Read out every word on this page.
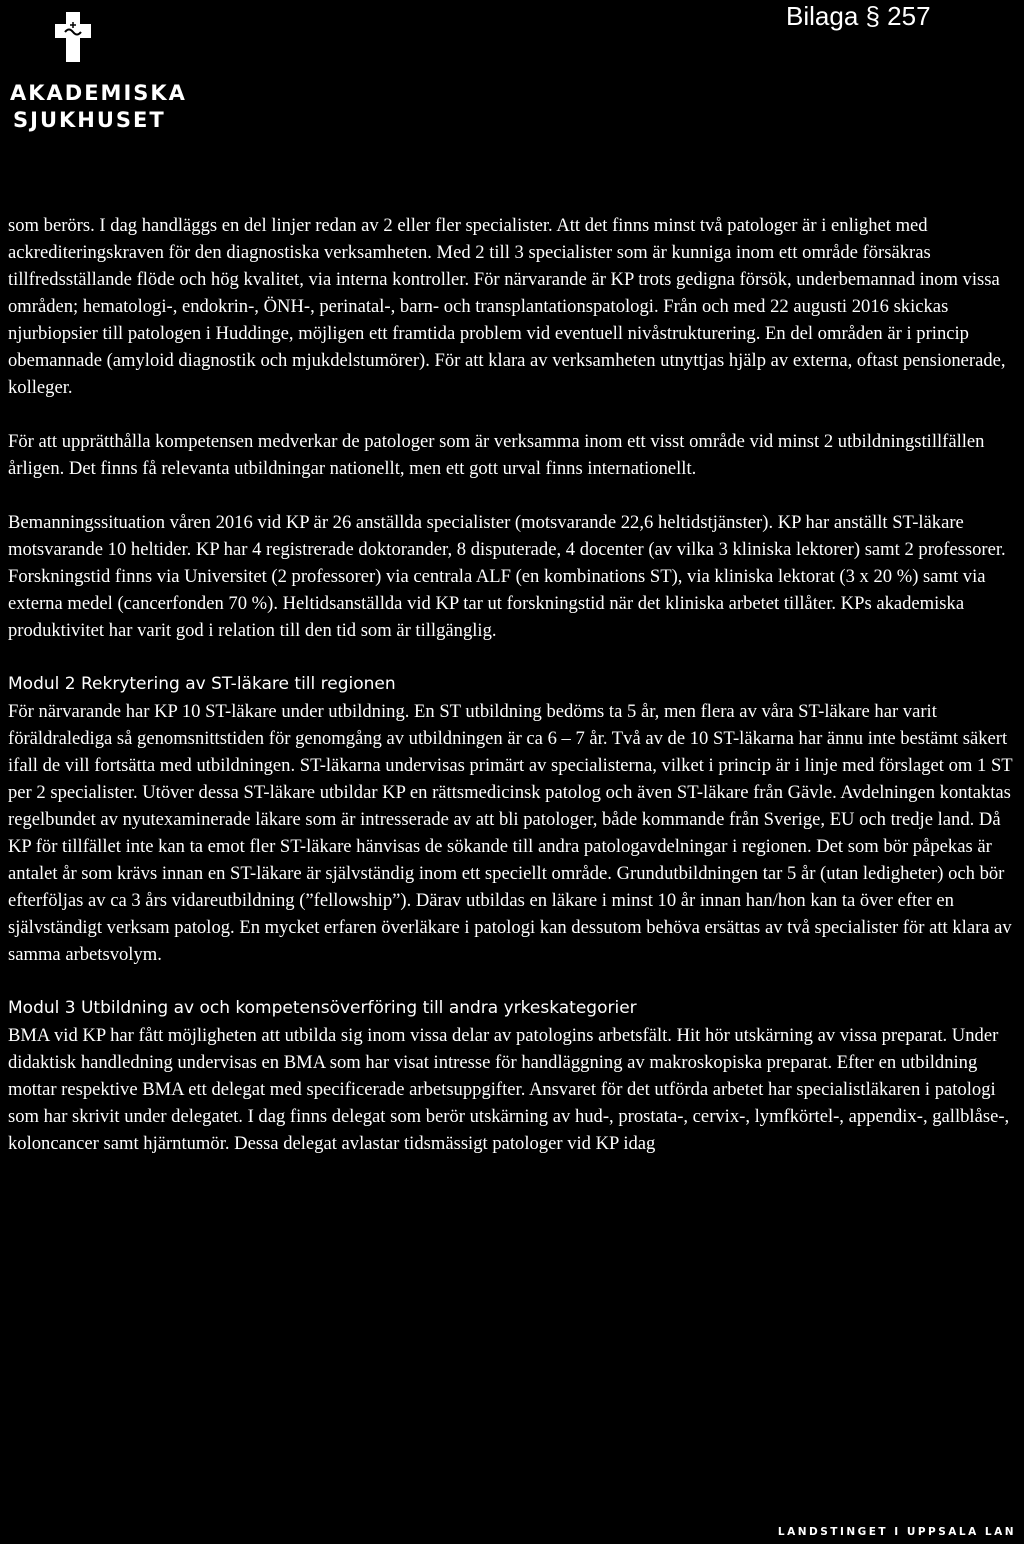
AKADEMISKA
SJUKHUSET
Bilaga § 257

som berörs. I dag handläggs en del linjer redan av 2 eller fler specialister. Att det finns minst två patologer är i enlighet med ackrediteringskraven för den diagnostiska verksamheten. Med 2 till 3 specialister som är kunniga inom ett område försäkras tillfredsställande flöde och hög kvalitet, via interna kontroller. För närvarande är KP trots gedigna försök, underbemannad inom vissa områden; hematologi-, endokrin-, ÖNH-, perinatal-, barn- och transplantationspatologi. Från och med 22 augusti 2016 skickas njurbiopsier till patologen i Huddinge, möjligen ett framtida problem vid eventuell nivåstrukturering. En del områden är i princip obemannade (amyloid diagnostik och mjukdelstumörer). För att klara av verksamheten utnyttjas hjälp av externa, oftast pensionerade, kolleger.

För att upprätthålla kompetensen medverkar de patologer som är verksamma inom ett visst område vid minst 2 utbildningstillfällen årligen. Det finns få relevanta utbildningar nationellt, men ett gott urval finns internationellt.

Bemanningssituation våren 2016 vid KP är 26 anställda specialister (motsvarande 22,6 heltidstjänster). KP har anställt ST-läkare motsvarande 10 heltider. KP har 4 registrerade doktorander, 8 disputerade, 4 docenter (av vilka 3 kliniska lektorer) samt 2 professorer. Forskningstid finns via Universitet (2 professorer) via centrala ALF (en kombinations ST), via kliniska lektorat (3 x 20 %) samt via externa medel (cancerfonden 70 %). Heltidsanställda vid KP tar ut forskningstid när det kliniska arbetet tillåter. KPs akademiska produktivitet har varit god i relation till den tid som är tillgänglig.

Modul 2 Rekrytering av ST-läkare till regionen

För närvarande har KP 10 ST-läkare under utbildning. En ST utbildning bedöms ta 5 år, men flera av våra ST-läkare har varit föräldralediga så genomsnittstiden för genomgång av utbildningen är ca 6 – 7 år. Två av de 10 ST-läkarna har ännu inte bestämt säkert ifall de vill fortsätta med utbildningen. ST-läkarna undervisas primärt av specialisterna, vilket i princip är i linje med förslaget om 1 ST per 2 specialister. Utöver dessa ST-läkare utbildar KP en rättsmedicinsk patolog och även ST-läkare från Gävle. Avdelningen kontaktas regelbundet av nyutexaminerade läkare som är intresserade av att bli patologer, både kommande från Sverige, EU och tredje land. Då KP för tillfället inte kan ta emot fler ST-läkare hänvisas de sökande till andra patologavdelningar i regionen. Det som bör påpekas är antalet år som krävs innan en ST-läkare är självständig inom ett speciellt område. Grundutbildningen tar 5 år (utan ledigheter) och bör efterföljas av ca 3 års vidareutbildning (”fellowship”). Därav utbildas en läkare i minst 10 år innan han/hon kan ta över efter en självständigt verksam patolog. En mycket erfaren överläkare i patologi kan dessutom behöva ersättas av två specialister för att klara av samma arbetsvolym.

Modul 3 Utbildning av och kompetensöverföring till andra yrkeskategorier

BMA vid KP har fått möjligheten att utbilda sig inom vissa delar av patologins arbetsfält. Hit hör utskärning av vissa preparat. Under didaktisk handledning undervisas en BMA som har visat intresse för handläggning av makroskopiska preparat. Efter en utbildning mottar respektive BMA ett delegat med specificerade arbetsuppgifter. Ansvaret för det utförda arbetet har specialistläkaren i patologi som har skrivit under delegatet. I dag finns delegat som berör utskärning av hud-, prostata-, cervix-, lymfkörtel-, appendix-, gallblåse-, koloncancer samt hjärntumör. Dessa delegat avlastar tidsmässigt patologer vid KP idag

LANDSTINGET I UPPSALA LAN
